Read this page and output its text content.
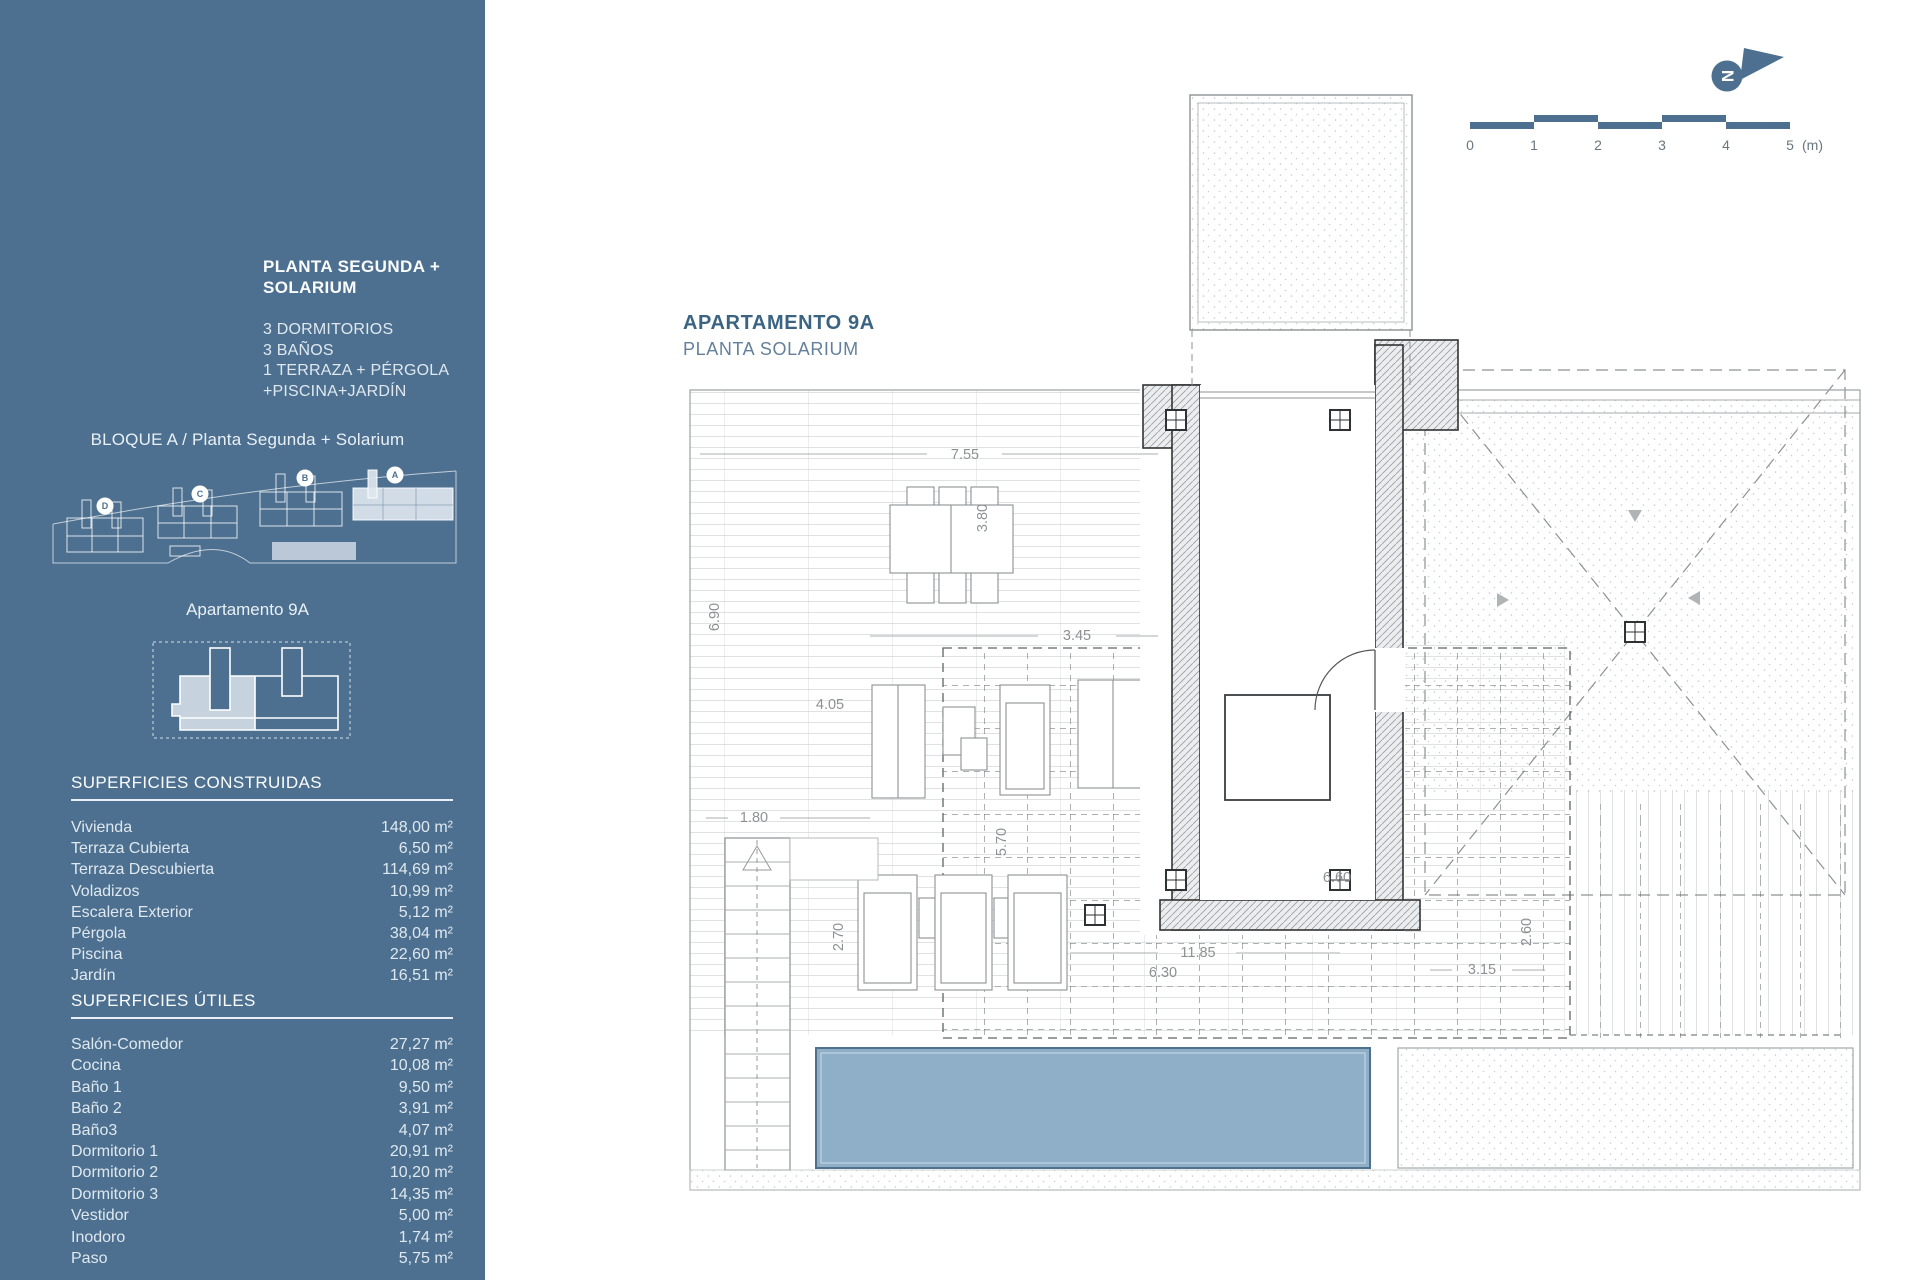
PLANTA SEGUNDA +
SOLARIUM
3 DORMITORIOS
3 BAÑOS
1 TERRAZA + PÉRGOLA
+PISCINA+JARDÍN
BLOQUE A / Planta Segunda + Solarium
D
C
B	A
Apartamento 9A
SUPERFICIES CONSTRUIDAS
Vivienda	148,00 m²
Terraza Cubierta	6,50 m²
Terraza Descubierta	114,69 m²
Voladizos	10,99 m²
Escalera Exterior	5,12 m²
Pérgola	38,04 m²
Piscina	22,60 m²
Jardín	16,51 m²
SUPERFICIES ÚTILES
Salón-Comedor	27,27 m²
Cocina	10,08 m²
Baño 1	9,50 m²
Baño 2	3,91 m²
Baño3	4,07 m²
Dormitorio 1	20,91 m²
Dormitorio 2	10,20 m²
Dormitorio 3	14,35 m²
Vestidor	5,00 m²
Inodoro	1,74 m²
Paso	5,75 m²
APARTAMENTO 9A
PLANTA SOLARIUM
N
0	1	2	3	4	5 (m)
7.55
3.80
3.45
6.90
4.05
1.80
5.70
2.70
6.60
11.85
6.30	3.15
2.60
